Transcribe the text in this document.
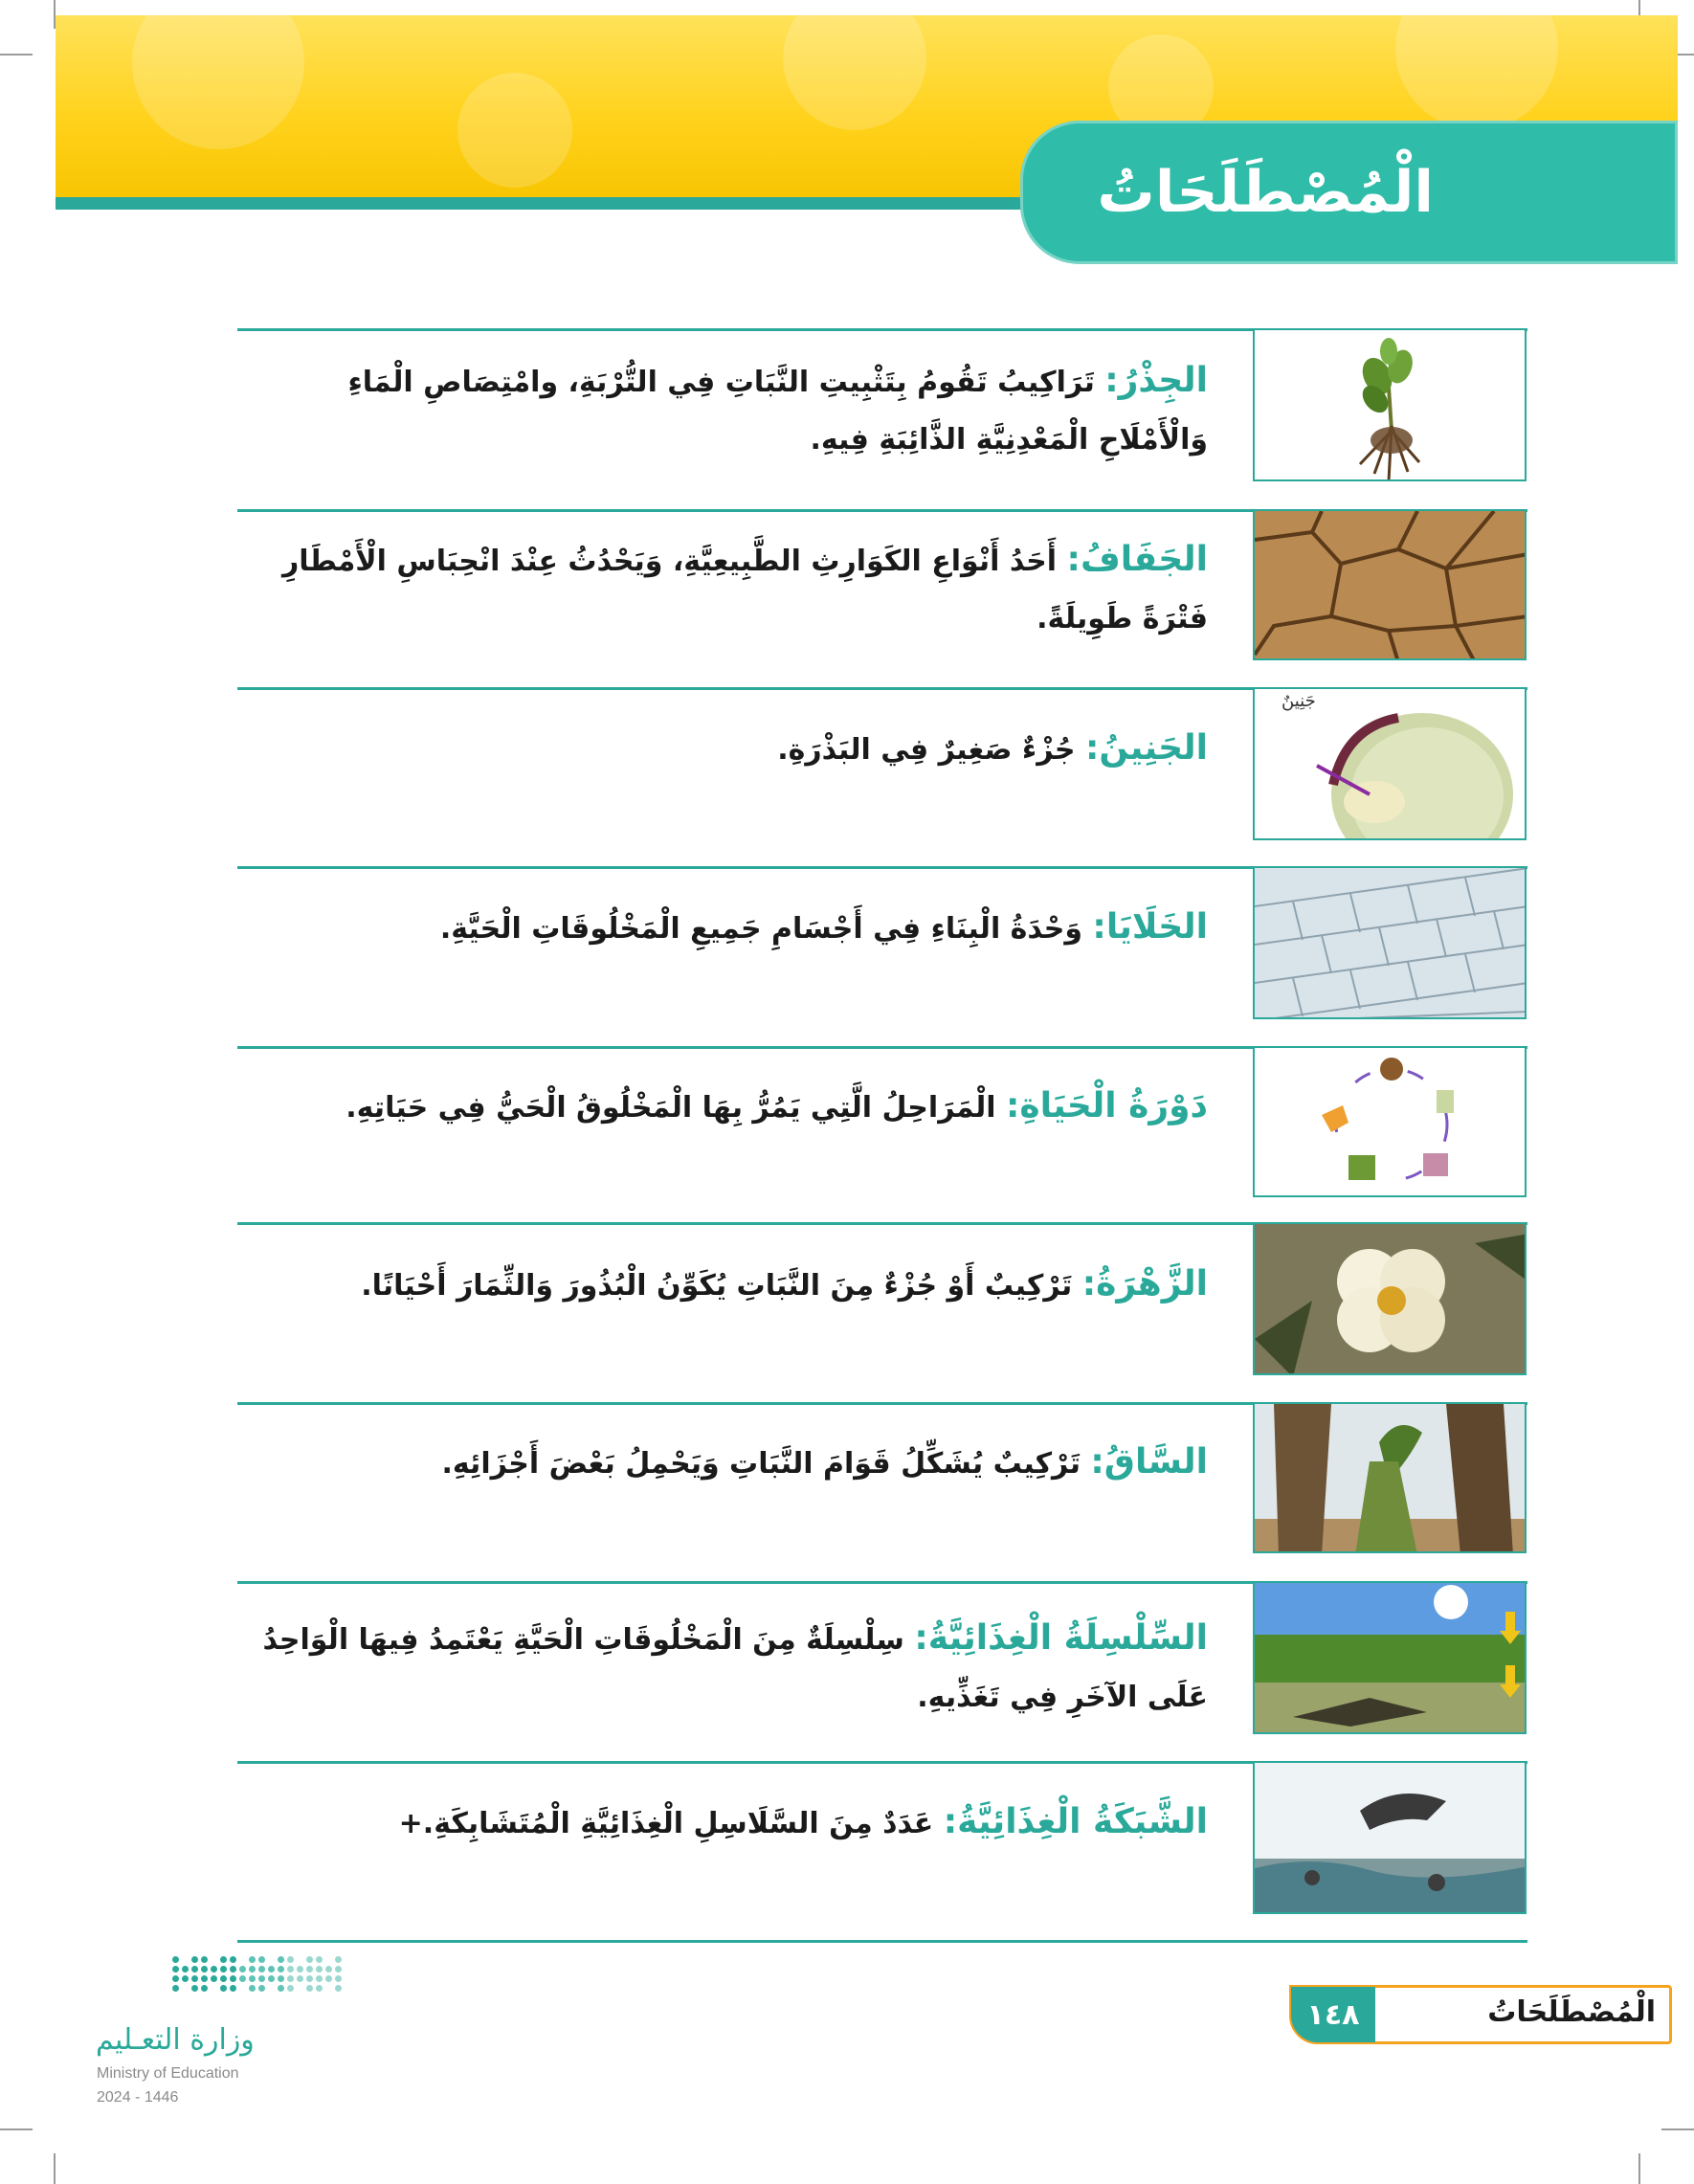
الْمُصْطَلَحَاتُ
الجِذْرُ: تَرَاكِيبُ تَقُومُ بِتَثْبِيتِ النَّبَاتِ فِي التُّرْبَةِ، وامْتِصَاصِ الْمَاءِ وَالْأَمْلَاحِ الْمَعْدِنِيَّةِ الذَّائِبَةِ فِيهِ.
الجَفَافُ: أَحَدُ أَنْوَاعِ الكَوَارِثِ الطَّبِيعِيَّةِ، وَيَحْدُثُ عِنْدَ انْحِبَاسِ الْأَمْطَارِ فَتْرَةً طَوِيلَةً.
الجَنِينُ: جُزْءٌ صَغِيرٌ فِي البَذْرَةِ.
جَنِينٌ
الخَلَايَا: وَحْدَةُ الْبِنَاءِ فِي أَجْسَامِ جَمِيعِ الْمَخْلُوقَاتِ الْحَيَّةِ.
دَوْرَةُ الْحَيَاةِ: الْمَرَاحِلُ الَّتِي يَمُرُّ بِهَا الْمَخْلُوقُ الْحَيُّ فِي حَيَاتِهِ.
الزَّهْرَةُ: تَرْكِيبٌ أَوْ جُزْءٌ مِنَ النَّبَاتِ يُكَوِّنُ الْبُذُورَ وَالثِّمَارَ أَحْيَانًا.
السَّاقُ: تَرْكِيبٌ يُشَكِّلُ قَوَامَ النَّبَاتِ وَيَحْمِلُ بَعْضَ أَجْزَائِهِ.
السِّلْسِلَةُ الْغِذَائِيَّةُ: سِلْسِلَةٌ مِنَ الْمَخْلُوقَاتِ الْحَيَّةِ يَعْتَمِدُ فِيهَا الْوَاحِدُ عَلَى الآخَرِ فِي تَغَذِّيهِ.
الشَّبَكَةُ الْغِذَائِيَّةُ: عَدَدٌ مِنَ السَّلَاسِلِ الْغِذَائِيَّةِ الْمُتَشَابِكَةِ.+
وزارة التعـليم
Ministry of Education
2024 - 1446
١٤٨	الْمُصْطَلَحَاتُ
